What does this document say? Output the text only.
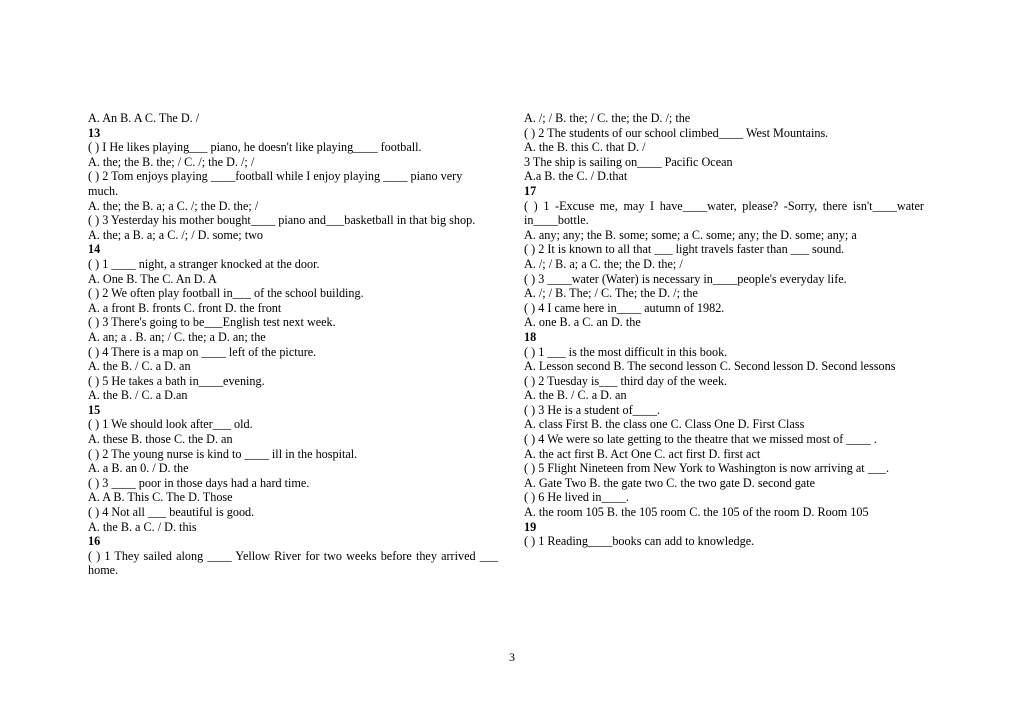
A. An B. A C. The D. /
13
( ) I He likes playing___ piano, he doesn't like playing____ football.
A. the; the B. the; / C. /; the D. /; /
( ) 2 Tom enjoys playing ____football while I enjoy playing ____ piano very
much.
A. the; the B. a; a C. /; the D. the; /
( ) 3 Yesterday his mother bought____ piano and___basketball in that big shop.
A. the; a B. a; a C. /; / D. some; two
14
( ) 1 ____ night, a stranger knocked at the door.
A. One B. The C. An D. A
( ) 2 We often play football in___ of the school building.
A. a front B. fronts C. front D. the front
( ) 3 There's going to be___English test next week.
A. an; a . B. an; / C. the; a D. an; the
( ) 4 There is a map on ____ left of the picture.
A. the B. / C. a D. an
( ) 5 He takes a bath in____evening.
A. the B. / C. a D.an
15
( ) 1 We should look after___ old.
A. these B. those C. the D. an
( ) 2 The young nurse is kind to ____ ill in the hospital.
A. a B. an 0. / D. the
( ) 3 ____ poor in those days had a hard time.
A. A B. This C. The D. Those
( ) 4 Not all ___ beautiful is good.
A. the B. a C. / D. this
16
( ) 1 They sailed along ____ Yellow River for two weeks before they arrived ___ home.
A. /; / B. the; / C. the; the D. /; the
( ) 2 The students of our school climbed____ West Mountains.
A. the B. this C. that D. /
3 The ship is sailing on____ Pacific Ocean
A.a B. the C. / D.that
17
( ) 1 -Excuse me, may I have____water, please? -Sorry, there isn't____water in____bottle.
A. any; any; the B. some; some; a C. some; any; the D. some; any; a
( ) 2 It is known to all that ___ light travels faster than ___ sound.
A. /; / B. a; a C. the; the D. the; /
( ) 3 ____water (Water) is necessary in____people's everyday life.
A. /; / B. The; / C. The; the D. /; the
( ) 4 I came here in____ autumn of 1982.
A. one B. a C. an D. the
18
( ) 1 ___ is the most difficult in this book.
A. Lesson second B. The second lesson C. Second lesson D. Second lessons
( ) 2 Tuesday is___ third day of the week.
A. the B. / C. a D. an
( ) 3 He is a student of____.
A. class First B. the class one C. Class One D. First Class
( ) 4 We were so late getting to the theatre that we missed most of ____ .
A. the act first B. Act One C. act first D. first act
( ) 5 Flight Nineteen from New York to Washington is now arriving at ___.
A. Gate Two B. the gate two C. the two gate D. second gate
( ) 6 He lived in____.
A. the room 105 B. the 105 room C. the 105 of the room D. Room 105
19
( ) 1 Reading____books can add to knowledge.
3
